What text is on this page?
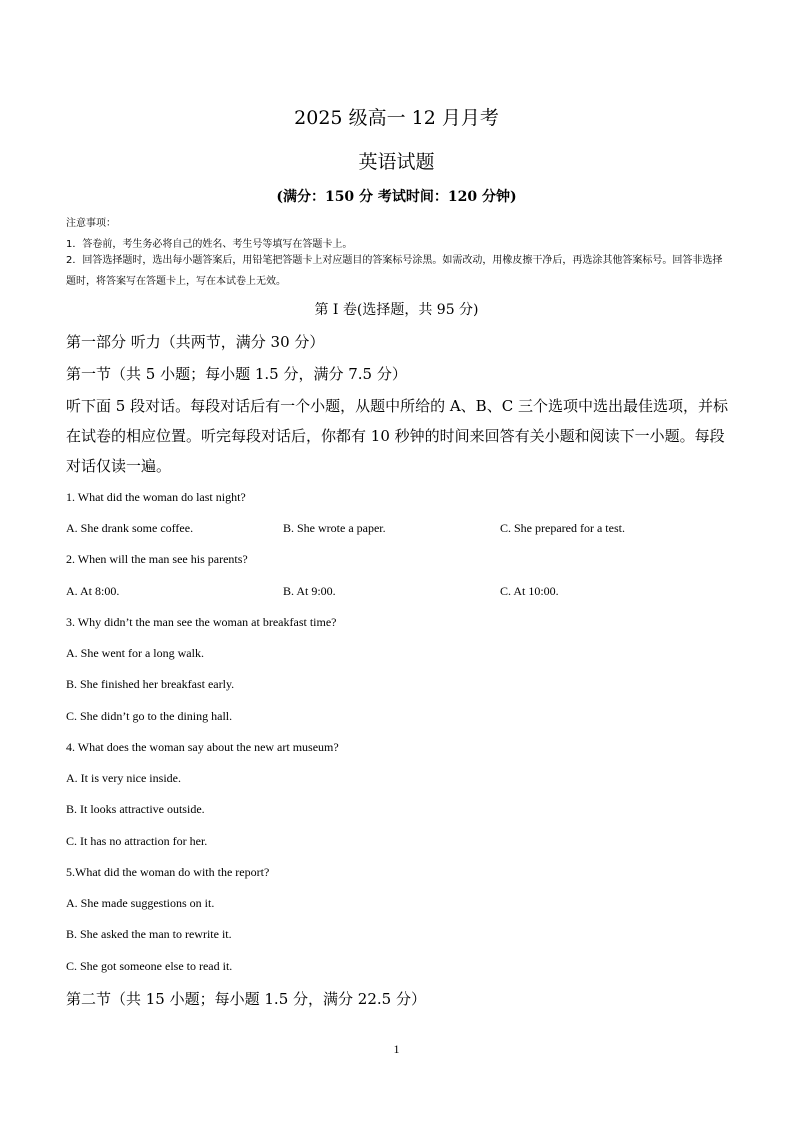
2025 级高一 12 月月考
英语试题
(满分：150 分 考试时间：120 分钟)
注意事项：
1．答卷前，考生务必将自己的姓名、考生号等填写在答题卡上。
2．回答选择题时，选出每小题答案后，用铅笔把答题卡上对应题目的答案标号涂黑。如需改动，用橡皮擦干净后，再选涂其他答案标号。回答非选择题时，将答案写在答题卡上，写在本试卷上无效。
第 I 卷(选择题，共 95 分)
第一部分 听力（共两节，满分 30 分）
第一节（共 5 小题；每小题 1.5 分，满分 7.5 分）
听下面 5 段对话。每段对话后有一个小题，从题中所给的 A、B、C 三个选项中选出最佳选项，并标在试卷的相应位置。听完每段对话后，你都有 10 秒钟的时间来回答有关小题和阅读下一小题。每段对话仅读一遍。
1. What did the woman do last night?
A. She drank some coffee.	B. She wrote a paper.	C. She prepared for a test.
2. When will the man see his parents?
A. At 8:00.	B. At 9:00.	C. At 10:00.
3. Why didn’t the man see the woman at breakfast time?
A. She went for a long walk.
B. She finished her breakfast early.
C. She didn’t go to the dining hall.
4. What does the woman say about the new art museum?
A. It is very nice inside.
B. It looks attractive outside.
C. It has no attraction for her.
5.What did the woman do with the report?
A. She made suggestions on it.
B. She asked the man to rewrite it.
C. She got someone else to read it.
第二节（共 15 小题；每小题 1.5 分，满分 22.5 分）
1
